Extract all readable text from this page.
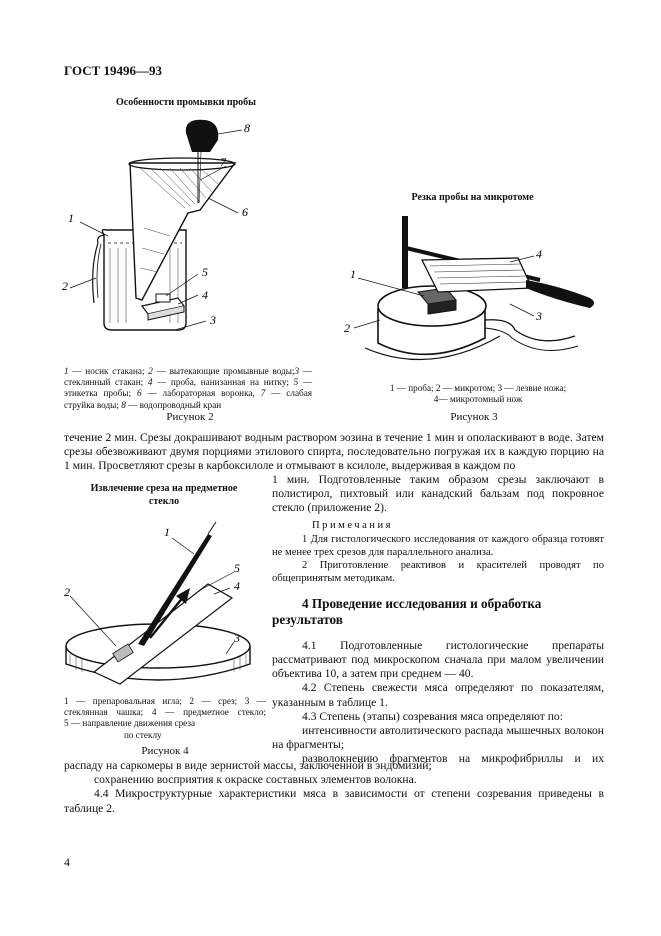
ГОСТ 19496—93
Особенности промывки пробы
1
2
3
4
5
6
7
8
1 — носик стакана; 2 — вытекающие промывные воды;3 — стеклянный стакан; 4 — проба, нанизанная на нитку; 5 — этикетка пробы; 6 — лабораторная воронка, 7 — слабая струйка воды; 8 — водопроводный кран
Рисунок 2
Резка пробы на микротоме
1
2
3
4
1 — проба; 2 — микротом; 3 — лезвие ножа;
4— микротомный нож
Рисунок 3

течение 2 мин. Срезы докрашивают водным раствором эозина в течение 1 мин и ополаскивают в воде. Затем срезы обезвоживают двумя порциями этилового спирта, последовательно погружая их в каждую порцию на 1 мин. Просветляют срезы в карбоксилоле и отмывают в ксилоле, выдерживая в каждом по

Извлечение среза на предметное
стекло
1
2
3
4
5
1 — препаровальная игла; 2 — срез; 3 —
стеклянная чашка; 4 — предметное стекло;
5 — направление движения среза
по стеклу
Рисунок 4

1 мин. Подготовленные таким образом срезы заключают в полистирол, пихтовый или канадский бальзам под покровное стекло (приложение 2).

Примечания

1 Для гистологического исследования от каждого образца готовят не менее трех срезов для параллельного анализа.

2 Приготовление реактивов и красителей проводят по общепринятым методикам.

4 Проведение исследования и обработка результатов

4.1 Подготовленные гистологические препараты рассматривают под микроскопом сначала при малом увеличении объектива 10, а затем при среднем — 40.

4.2 Степень свежести мяса определяют по показателям, указанным в таблице 1.

4.3 Степень (этапы) созревания мяса определяют по:

интенсивности автолитического распада мышечных волокон на фрагменты;

разволокнению фрагментов на микрофибриллы и их

распаду на саркомеры в виде зернистой массы, заключенной в эндомизий;

сохранению восприятия к окраске составных элементов волокна.

4.4 Микроструктурные характеристики мяса в зависимости от степени созревания приведены в таблице 2.

4
